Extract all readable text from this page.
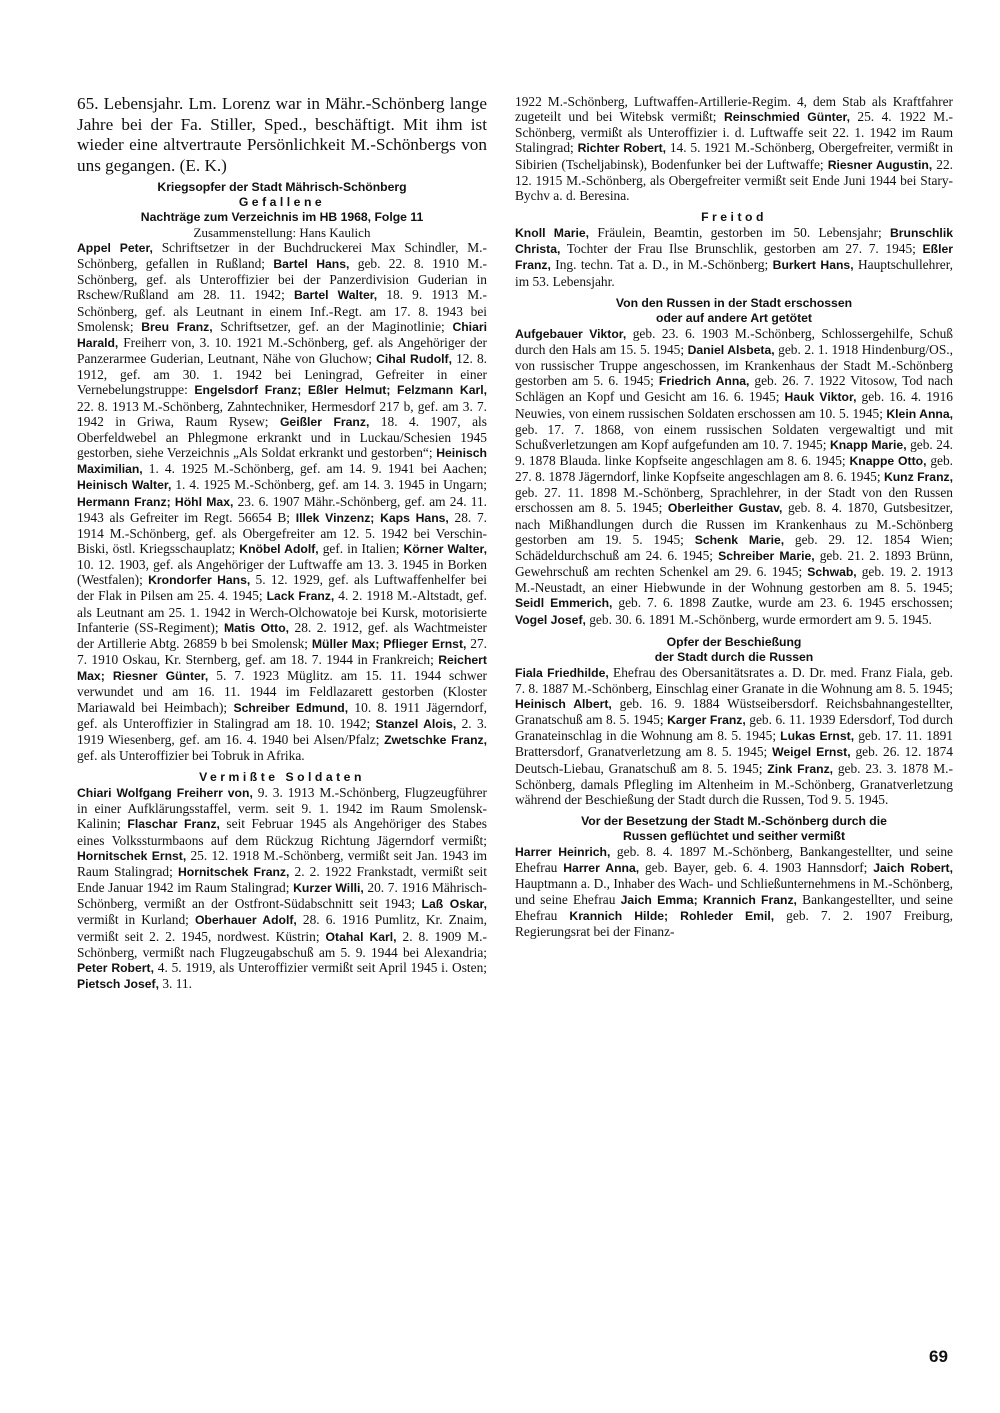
65. Lebensjahr. Lm. Lorenz war in Mähr.-Schönberg lange Jahre bei der Fa. Stiller, Sped., beschäftigt. Mit ihm ist wieder eine altvertraute Persönlichkeit M.-Schönbergs von uns gegangen. (E. K.)

Kriegsopfer der Stadt Mährisch-Schönberg

Gefallene

Nachträge zum Verzeichnis im HB 1968, Folge 11

Zusammenstellung: Hans Kaulich

Appel Peter, Schriftsetzer in der Buchdruckerei Max Schindler, M.-Schönberg, gefallen in Rußland; Bartel Hans, geb. 22. 8. 1910 M.-Schönberg, gef. als Unteroffizier bei der Panzerdivision Guderian in Rschew/Rußland am 28. 11. 1942; Bartel Walter, 18. 9. 1913 M.-Schönberg, gef. als Leutnant in einem Inf.-Regt. am 17. 8. 1943 bei Smolensk; Breu Franz, Schriftsetzer, gef. an der Maginotlinie; Chiari Harald, Freiherr von, 3. 10. 1921 M.-Schönberg, gef. als Angehöriger der Panzerarmee Guderian, Leutnant, Nähe von Gluchow; Cihal Rudolf, 12. 8. 1912, gef. am 30. 1. 1942 bei Leningrad, Gefreiter in einer Vernebelungstruppe: Engelsdorf Franz; Eßler Helmut; Felzmann Karl, 22. 8. 1913 M.-Schönberg, Zahntechniker, Hermesdorf 217 b, gef. am 3. 7. 1942 in Griwa, Raum Rysew; Geißler Franz, 18. 4. 1907, als Oberfeldwebel an Phlegmone erkrankt und in Luckau/Schesien 1945 gestorben, siehe Verzeichnis „Als Soldat erkrankt und gestorben“; Heinisch Maximilian, 1. 4. 1925 M.-Schönberg, gef. am 14. 9. 1941 bei Aachen; Heinisch Walter, 1. 4. 1925 M.-Schönberg, gef. am 14. 3. 1945 in Ungarn; Hermann Franz; Höhl Max, 23. 6. 1907 Mähr.-Schönberg, gef. am 24. 11. 1943 als Gefreiter im Regt. 56654 B; Illek Vinzenz; Kaps Hans, 28. 7. 1914 M.-Schönberg, gef. als Obergefreiter am 12. 5. 1942 bei Verschin-Biski, östl. Kriegsschauplatz; Knöbel Adolf, gef. in Italien; Körner Walter, 10. 12. 1903, gef. als Angehöriger der Luftwaffe am 13. 3. 1945 in Borken (Westfalen); Krondorfer Hans, 5. 12. 1929, gef. als Luftwaffenhelfer bei der Flak in Pilsen am 25. 4. 1945; Lack Franz, 4. 2. 1918 M.-Altstadt, gef. als Leutnant am 25. 1. 1942 in Werch-Olchowatoje bei Kursk, motorisierte Infanterie (SS-Regiment); Matis Otto, 28. 2. 1912, gef. als Wachtmeister der Artillerie Abtg. 26859 b bei Smolensk; Müller Max; Pflieger Ernst, 27. 7. 1910 Oskau, Kr. Sternberg, gef. am 18. 7. 1944 in Frankreich; Reichert Max; Riesner Günter, 5. 7. 1923 Müglitz. am 15. 11. 1944 schwer verwundet und am 16. 11. 1944 im Feldlazarett gestorben (Kloster Mariawald bei Heimbach); Schreiber Edmund, 10. 8. 1911 Jägerndorf, gef. als Unteroffizier in Stalingrad am 18. 10. 1942; Stanzel Alois, 2. 3. 1919 Wiesenberg, gef. am 16. 4. 1940 bei Alsen/Pfalz; Zwetschke Franz, gef. als Unteroffizier bei Tobruk in Afrika.

Vermißte Soldaten

Chiari Wolfgang Freiherr von, 9. 3. 1913 M.-Schönberg, Flugzeugführer in einer Aufklärungsstaffel, verm. seit 9. 1. 1942 im Raum Smolensk-Kalinin; Flaschar Franz, seit Februar 1945 als Angehöriger des Stabes eines Volkssturmbaons auf dem Rückzug Richtung Jägerndorf vermißt; Hornitschek Ernst, 25. 12. 1918 M.-Schönberg, vermißt seit Jan. 1943 im Raum Stalingrad; Hornitschek Franz, 2. 2. 1922 Frankstadt, vermißt seit Ende Januar 1942 im Raum Stalingrad; Kurzer Willi, 20. 7. 1916 Mährisch-Schönberg, vermißt an der Ostfront-Südabschnitt seit 1943; Laß Oskar, vermißt in Kurland; Oberhauer Adolf, 28. 6. 1916 Pumlitz, Kr. Znaim, vermißt seit 2. 2. 1945, nordwest. Küstrin; Otahal Karl, 2. 8. 1909 M.-Schönberg, vermißt nach Flugzeugabschuß am 5. 9. 1944 bei Alexandria; Peter Robert, 4. 5. 1919, als Unteroffizier vermißt seit April 1945 i. Osten; Pietsch Josef, 3. 11.

1922 M.-Schönberg, Luftwaffen-Artillerie-Regim. 4, dem Stab als Kraftfahrer zugeteilt und bei Witebsk vermißt; Reinschmied Günter, 25. 4. 1922 M.-Schönberg, vermißt als Unteroffizier i. d. Luftwaffe seit 22. 1. 1942 im Raum Stalingrad; Richter Robert, 14. 5. 1921 M.-Schönberg, Obergefreiter, vermißt in Sibirien (Tscheljabinsk), Bodenfunker bei der Luftwaffe; Riesner Augustin, 22. 12. 1915 M.-Schönberg, als Obergefreiter vermißt seit Ende Juni 1944 bei Stary-Bychv a. d. Beresina.

Freitod

Knoll Marie, Fräulein, Beamtin, gestorben im 50. Lebensjahr; Brunschlik Christa, Tochter der Frau Ilse Brunschlik, gestorben am 27. 7. 1945; Eßler Franz, Ing. techn. Tat a. D., in M.-Schönberg; Burkert Hans, Hauptschullehrer, im 53. Lebensjahr.

Von den Russen in der Stadt erschossen

oder auf andere Art getötet

Aufgebauer Viktor, geb. 23. 6. 1903 M.-Schönberg, Schlossergehilfe, Schuß durch den Hals am 15. 5. 1945; Daniel Alsbeta, geb. 2. 1. 1918 Hindenburg/OS., von russischer Truppe angeschossen, im Krankenhaus der Stadt M.-Schönberg gestorben am 5. 6. 1945; Friedrich Anna, geb. 26. 7. 1922 Vitosow, Tod nach Schlägen an Kopf und Gesicht am 16. 6. 1945; Hauk Viktor, geb. 16. 4. 1916 Neuwies, von einem russischen Soldaten erschossen am 10. 5. 1945; Klein Anna, geb. 17. 7. 1868, von einem russischen Soldaten vergewaltigt und mit Schußverletzungen am Kopf aufgefunden am 10. 7. 1945; Knapp Marie, geb. 24. 9. 1878 Blauda. linke Kopfseite angeschlagen am 8. 6. 1945; Knappe Otto, geb. 27. 8. 1878 Jägerndorf, linke Kopfseite angeschlagen am 8. 6. 1945; Kunz Franz, geb. 27. 11. 1898 M.-Schönberg, Sprachlehrer, in der Stadt von den Russen erschossen am 8. 5. 1945; Oberleither Gustav, geb. 8. 4. 1870, Gutsbesitzer, nach Mißhandlungen durch die Russen im Krankenhaus zu M.-Schönberg gestorben am 19. 5. 1945; Schenk Marie, geb. 29. 12. 1854 Wien; Schädeldurchschuß am 24. 6. 1945; Schreiber Marie, geb. 21. 2. 1893 Brünn, Gewehrschuß am rechten Schenkel am 29. 6. 1945; Schwab, geb. 19. 2. 1913 M.-Neustadt, an einer Hiebwunde in der Wohnung gestorben am 8. 5. 1945; Seidl Emmerich, geb. 7. 6. 1898 Zautke, wurde am 23. 6. 1945 erschossen; Vogel Josef, geb. 30. 6. 1891 M.-Schönberg, wurde ermordert am 9. 5. 1945.

Opfer der Beschießung

der Stadt durch die Russen

Fiala Friedhilde, Ehefrau des Obersanitätsrates a. D. Dr. med. Franz Fiala, geb. 7. 8. 1887 M.-Schönberg, Einschlag einer Granate in die Wohnung am 8. 5. 1945; Heinisch Albert, geb. 16. 9. 1884 Wüstseibersdorf. Reichsbahnangestellter, Granatschuß am 8. 5. 1945; Karger Franz, geb. 6. 11. 1939 Edersdorf, Tod durch Granateinschlag in die Wohnung am 8. 5. 1945; Lukas Ernst, geb. 17. 11. 1891 Brattersdorf, Granatverletzung am 8. 5. 1945; Weigel Ernst, geb. 26. 12. 1874 Deutsch-Liebau, Granatschuß am 8. 5. 1945; Zink Franz, geb. 23. 3. 1878 M.-Schönberg, damals Pflegling im Altenheim in M.-Schönberg, Granatverletzung während der Beschießung der Stadt durch die Russen, Tod 9. 5. 1945.

Vor der Besetzung der Stadt M.-Schönberg durch die

Russen geflüchtet und seither vermißt

Harrer Heinrich, geb. 8. 4. 1897 M.-Schönberg, Bankangestellter, und seine Ehefrau Harrer Anna, geb. Bayer, geb. 6. 4. 1903 Hannsdorf; Jaich Robert, Hauptmann a. D., Inhaber des Wach- und Schließunternehmens in M.-Schönberg, und seine Ehefrau Jaich Emma; Krannich Franz, Bankangestellter, und seine Ehefrau Krannich Hilde; Rohleder Emil, geb. 7. 2. 1907 Freiburg, Regierungsrat bei der Finanz-

69
